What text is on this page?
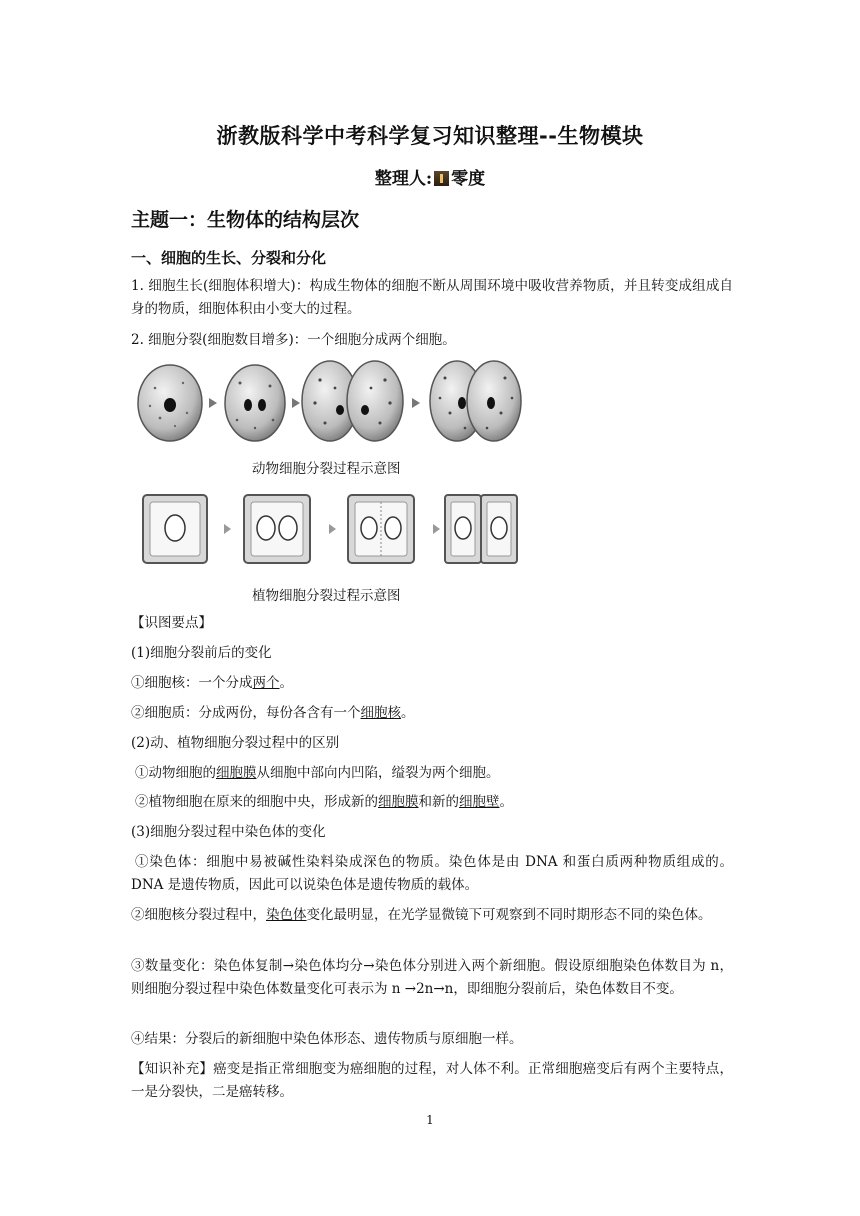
浙教版科学中考科学复习知识整理--生物模块
整理人: 零度
主题一：生物体的结构层次
一、细胞的生长、分裂和分化
1. 细胞生长(细胞体积增大)：构成生物体的细胞不断从周围环境中吸收营养物质，并且转变成组成自身的物质，细胞体积由小变大的过程。
2. 细胞分裂(细胞数目增多)：一个细胞分成两个细胞。
动物细胞分裂过程示意图
植物细胞分裂过程示意图
【识图要点】
(1)细胞分裂前后的变化
①细胞核：一个分成两个。
②细胞质：分成两份，每份各含有一个细胞核。
(2)动、植物细胞分裂过程中的区别
①动物细胞的细胞膜从细胞中部向内凹陷，缢裂为两个细胞。
②植物细胞在原来的细胞中央，形成新的细胞膜和新的细胞壁。
(3)细胞分裂过程中染色体的变化
①染色体：细胞中易被碱性染料染成深色的物质。染色体是由 DNA 和蛋白质两种物质组成的。DNA 是遗传物质，因此可以说染色体是遗传物质的载体。
②细胞核分裂过程中，染色体变化最明显，在光学显微镜下可观察到不同时期形态不同的染色体。
③数量变化：染色体复制→染色体均分→染色体分别进入两个新细胞。假设原细胞染色体数目为 n，则细胞分裂过程中染色体数量变化可表示为 n →2n→n，即细胞分裂前后，染色体数目不变。
④结果：分裂后的新细胞中染色体形态、遗传物质与原细胞一样。
【知识补充】癌变是指正常细胞变为癌细胞的过程，对人体不利。正常细胞癌变后有两个主要特点，一是分裂快，二是癌转移。
1
